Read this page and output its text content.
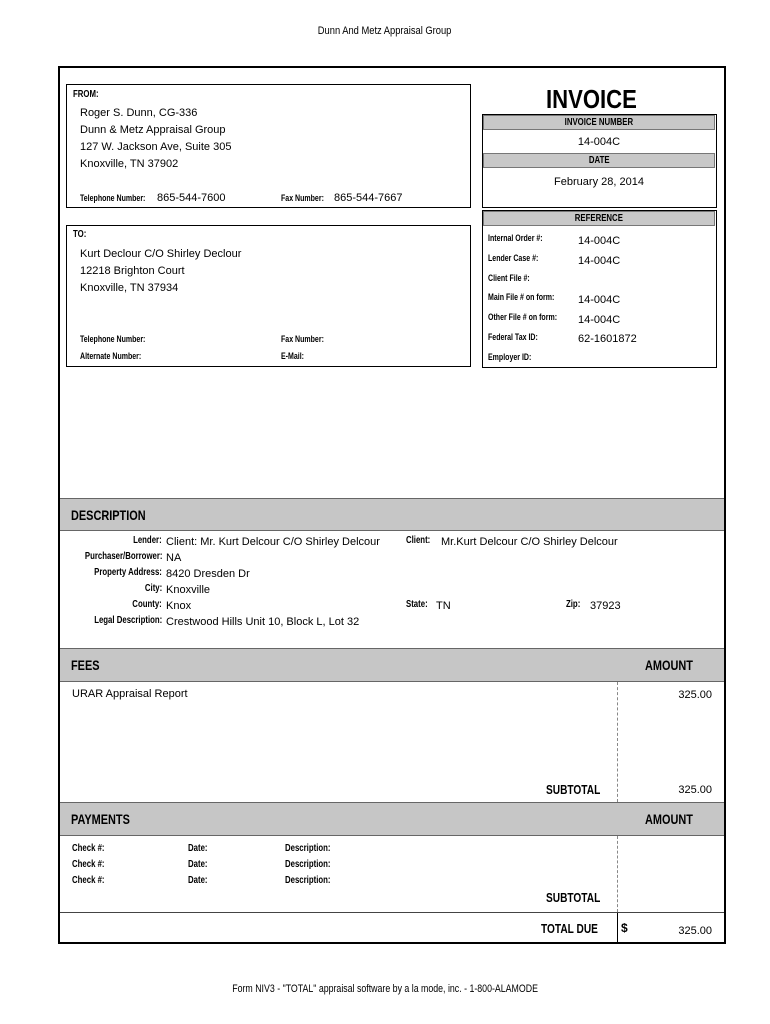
Dunn And Metz Appraisal Group
FROM:
Roger S. Dunn, CG-336
Dunn & Metz Appraisal Group
127 W. Jackson Ave, Suite 305
Knoxville, TN 37902
Telephone Number:	865-544-7600	Fax Number: 865-544-7667
INVOICE
INVOICE NUMBER
14-004C
DATE
February 28, 2014
REFERENCE
Internal Order #:	14-004C
Lender Case #:	14-004C
Client File #:
Main File # on form:	14-004C
Other File # on form:	14-004C
Federal Tax ID:	62-1601872
Employer ID:
TO:
Kurt Declour C/O Shirley Declour
12218 Brighton Court
Knoxville, TN 37934
Telephone Number:	Fax Number:
Alternate Number:	E-Mail:
DESCRIPTION
Lender: Client: Mr. Kurt Delcour C/O Shirley Delcour	Client: Mr.Kurt Delcour C/O Shirley Delcour
Purchaser/Borrower: NA
Property Address: 8420 Dresden Dr
City: Knoxville
County: Knox	State: TN	Zip: 37923
Legal Description: Crestwood Hills Unit 10, Block L, Lot 32
FEES	AMOUNT
URAR Appraisal Report	325.00
SUBTOTAL	325.00
PAYMENTS	AMOUNT
Check #:	Date:	Description:
Check #:	Date:	Description:
Check #:	Date:	Description:
SUBTOTAL
TOTAL DUE	$	325.00
Form NIV3 - "TOTAL" appraisal software by a la mode, inc. - 1-800-ALAMODE
